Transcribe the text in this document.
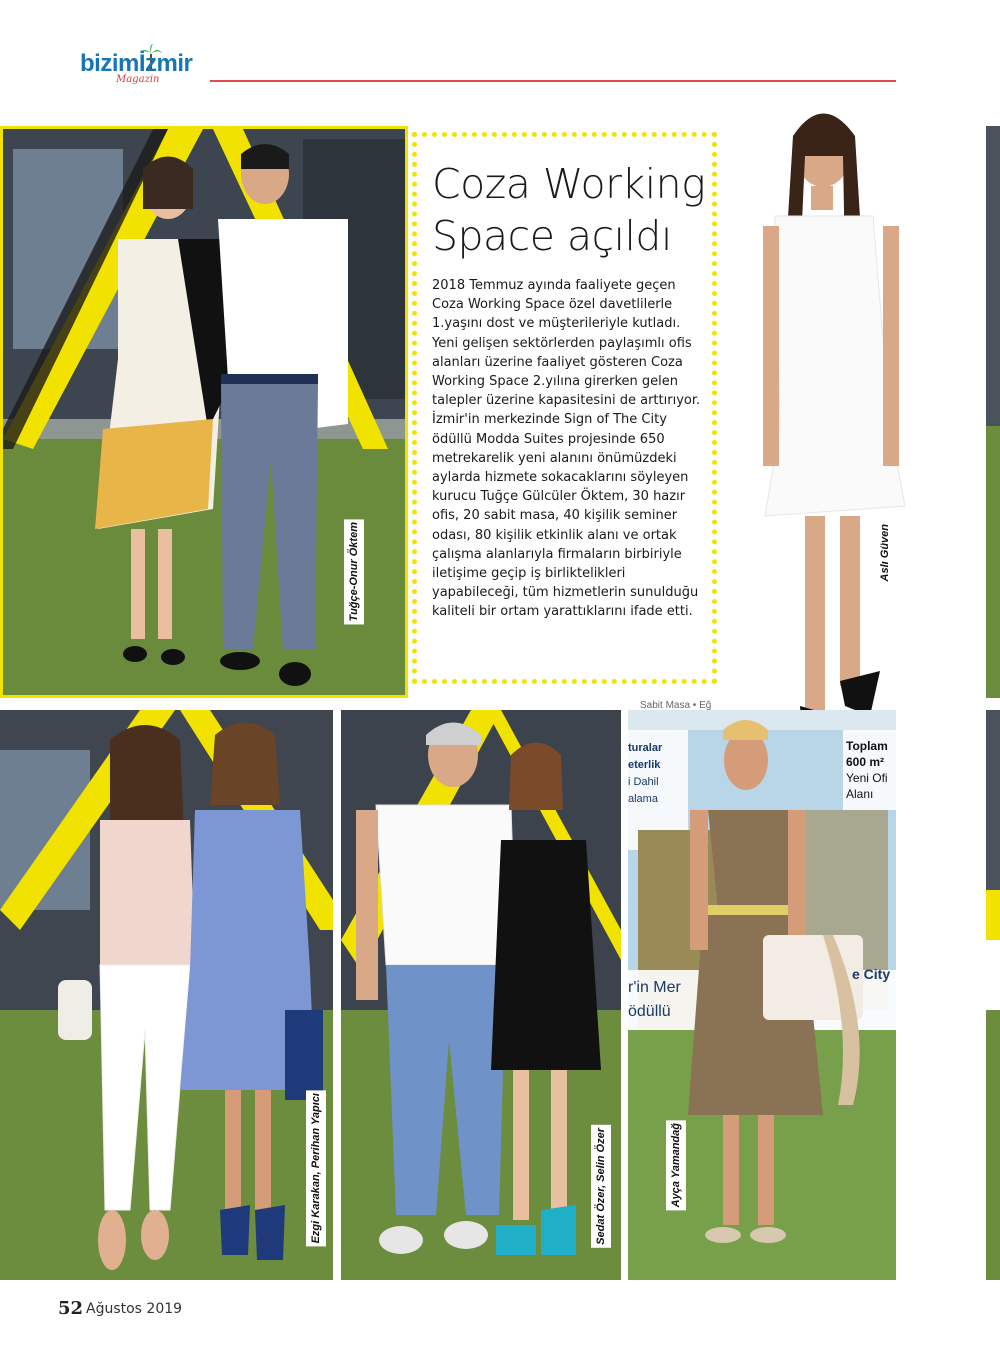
bizimİzmir
Magazin
Tuğçe-Onur Öktem
Coza Working Space açıldı
2018 Temmuz ayında faaliyete geçen Coza Working Space özel davetlilerle 1.yaşını dost ve müşterileriyle kutladı. Yeni gelişen sektörlerden paylaşımlı ofis alanları üzerine faaliyet gösteren Coza Working Space 2.yılına girerken gelen talepler üzerine kapasitesini de arttırıyor. İzmir'in merkezinde Sign of The City ödüllü Modda Suites projesinde 650 metrekarelik yeni alanını önümüzdeki aylarda hizmete sokacaklarını söyleyen kurucu Tuğçe Gülcüler Öktem, 30 hazır ofis, 20 sabit masa, 40 kişilik seminer odası, 80 kişilik etkinlik alanı ve ortak çalışma alanlarıyla firmaların birbiriyle iletişime geçip iş birliktelikleri yapabileceği, tüm hizmetlerin sunulduğu kaliteli bir ortam yarattıklarını ifade etti.
Aslı Güven
Ezgi Karakan, Perihan Yapıcı	Sedat Özer, Selin Özer	Ayça Yamandağ
turalar
eterlik
i Dahil
alama
Toplam
600 m²
Yeni Ofi
Alanı
r'in Mer
ödüllü
e City
Sabit Masa • Eğ
52 Ağustos 2019
